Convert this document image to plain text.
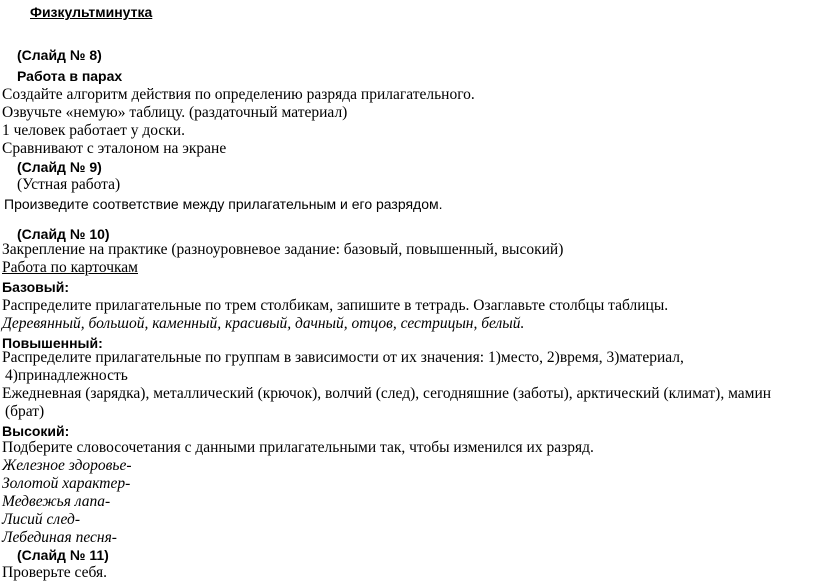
Физкультминутка
(Слайд № 8)
Работа в парах
Создайте алгоритм действия по определению разряда прилагательного.
Озвучьте «немую» таблицу. (раздаточный материал)
1 человек работает у доски.
Сравнивают с эталоном на экране
(Слайд № 9)
(Устная работа)
Произведите соответствие между прилагательным и его разрядом.
(Слайд № 10)
Закрепление на практике (разноуровневое задание: базовый, повышенный, высокий)
Работа по карточкам
Базовый:
Распределите прилагательные по трем столбикам, запишите в тетрадь. Озаглавьте столбцы таблицы.
Деревянный, большой, каменный, красивый, дачный, отцов, сестрицын, белый.
Повышенный:
Распределите прилагательные по группам в зависимости от их значения: 1)место, 2)время, 3)материал,
4)принадлежность
Ежедневная (зарядка), металлический (крючок), волчий (след), сегодняшние (заботы), арктический (климат), мамин
(брат)
Высокий:
Подберите словосочетания с данными прилагательными так, чтобы изменился их разряд.
Железное здоровье-
Золотой характер-
Медвежья лапа-
Лисий след-
Лебединая песня-
(Слайд № 11)
Проверьте себя.
